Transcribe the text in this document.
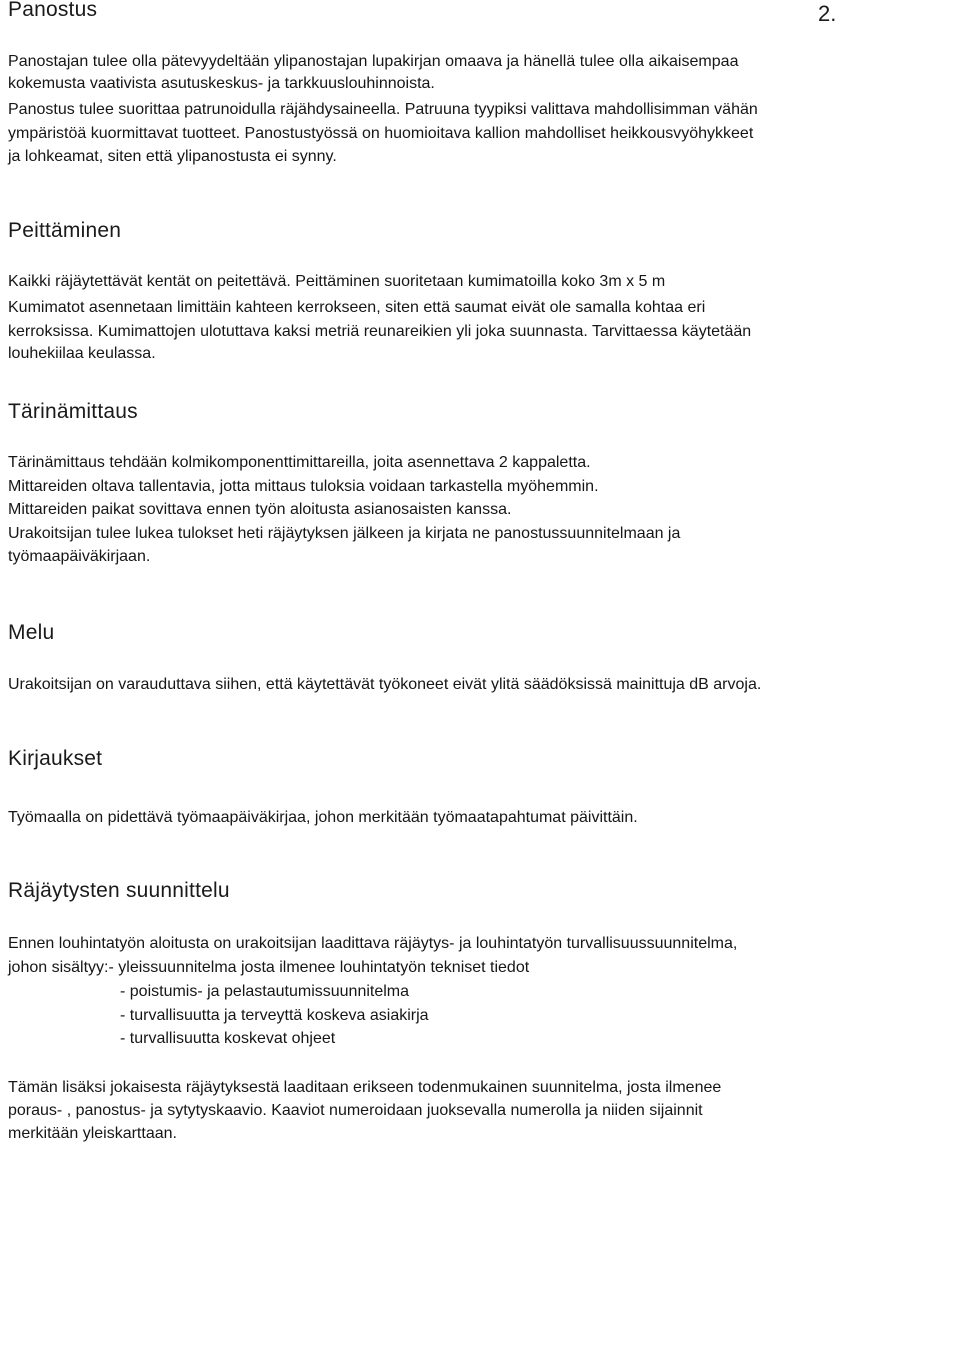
Panostus	2.
Panostajan tulee olla pätevyydeltään ylipanostajan lupakirjan omaava ja hänellä tulee olla aikaisempaa
kokemusta vaativista asutuskeskus- ja tarkkuuslouhinnoista.
Panostus tulee suorittaa patrunoidulla räjähdysaineella. Patruuna tyypiksi valittava mahdollisimman vähän
ympäristöä kuormittavat tuotteet. Panostustyössä on huomioitava kallion mahdolliset heikkousvyöhykkeet
ja lohkeamat, siten että ylipanostusta ei synny.
Peittäminen
Kaikki räjäytettävät kentät on peitettävä. Peittäminen suoritetaan kumimatoilla koko 3m x 5 m
Kumimatot asennetaan limittäin kahteen kerrokseen, siten että saumat eivät ole samalla kohtaa eri
kerroksissa. Kumimattojen ulotuttava kaksi metriä reunareikien yli joka suunnasta. Tarvittaessa käytetään
louhekiilaa keulassa.
Tärinämittaus
Tärinämittaus tehdään kolmikomponenttimittareilla, joita asennettava 2 kappaletta.
Mittareiden oltava tallentavia, jotta mittaus tuloksia voidaan tarkastella myöhemmin.
Mittareiden paikat sovittava ennen työn aloitusta asianosaisten kanssa.
Urakoitsijan tulee lukea tulokset heti räjäytyksen jälkeen ja kirjata ne panostussuunnitelmaan ja
työmaapäiväkirjaan.
Melu
Urakoitsijan on varauduttava siihen, että käytettävät työkoneet eivät ylitä säädöksissä mainittuja dB arvoja.
Kirjaukset
Työmaalla on pidettävä työmaapäiväkirjaa, johon merkitään työmaatapahtumat päivittäin.
Räjäytysten suunnittelu
Ennen louhintatyön aloitusta on urakoitsijan laadittava räjäytys- ja louhintatyön turvallisuussuunnitelma,
johon sisältyy:- yleissuunnitelma josta ilmenee louhintatyön tekniset tiedot
- poistumis- ja pelastautumissuunnitelma
- turvallisuutta ja terveyttä koskeva asiakirja
- turvallisuutta koskevat ohjeet
Tämän lisäksi jokaisesta räjäytyksestä laaditaan erikseen todenmukainen suunnitelma, josta ilmenee
poraus- , panostus- ja sytytyskaavio. Kaaviot numeroidaan juoksevalla numerolla ja niiden sijainnit
merkitään yleiskarttaan.
